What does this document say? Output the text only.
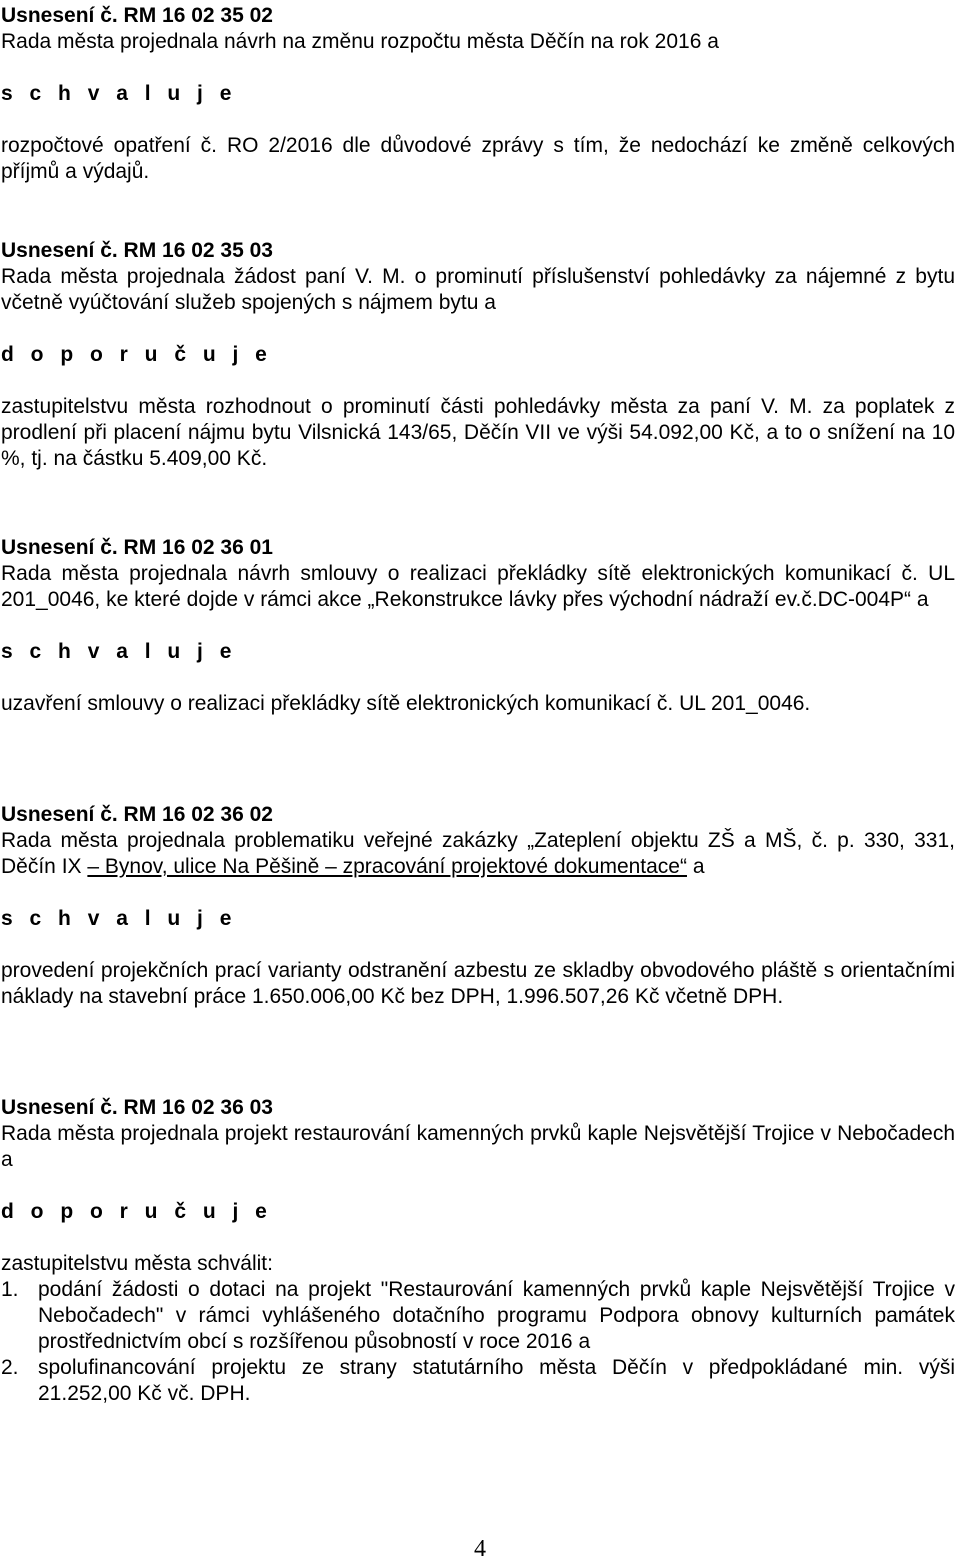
Usnesení č. RM 16 02 35 02

Rada města projednala návrh na změnu rozpočtu města Děčín na rok 2016 a

s c h v a l u j e

rozpočtové opatření č. RO 2/2016 dle důvodové zprávy s tím, že nedochází ke změně celkových příjmů a výdajů.

Usnesení č. RM 16 02 35 03

Rada města projednala žádost paní V. M. o prominutí příslušenství pohledávky za nájemné z bytu včetně vyúčtování služeb spojených s nájmem bytu a

d o p o r u č u j e

zastupitelstvu města rozhodnout o prominutí části pohledávky města za paní V. M. za poplatek z prodlení při placení nájmu bytu Vilsnická 143/65, Děčín VII ve výši 54.092,00 Kč, a to o snížení na 10 %, tj. na částku 5.409,00 Kč.

Usnesení č. RM 16 02 36 01

Rada města projednala návrh smlouvy o realizaci překládky sítě elektronických komunikací č. UL 201_0046, ke které dojde v rámci akce „Rekonstrukce lávky přes východní nádraží ev.č.DC-004P“ a

s c h v a l u j e

uzavření smlouvy o realizaci překládky sítě elektronických komunikací č. UL 201_0046.

Usnesení č. RM 16 02 36 02

Rada města projednala problematiku veřejné zakázky „Zateplení objektu ZŠ a MŠ, č. p. 330, 331, Děčín IX – Bynov, ulice Na Pěšině – zpracování projektové dokumentace“ a

s c h v a l u j e

provedení projekčních prací varianty odstranění azbestu ze skladby obvodového pláště s orientačními náklady na stavební práce 1.650.006,00 Kč bez DPH, 1.996.507,26 Kč včetně DPH.

Usnesení č. RM 16 02 36 03

Rada města projednala projekt restaurování kamenných prvků kaple Nejsvětější Trojice v Nebočadech a

d o p o r u č u j e

zastupitelstvu města schválit:

1. podání žádosti o dotaci na projekt "Restaurování kamenných prvků kaple Nejsvětější Trojice v Nebočadech" v rámci vyhlášeného dotačního programu Podpora obnovy kulturních památek prostřednictvím obcí s rozšířenou působností v roce 2016 a
2. spolufinancování projektu ze strany statutárního města Děčín v předpokládané min. výši 21.252,00 Kč vč. DPH.
4
